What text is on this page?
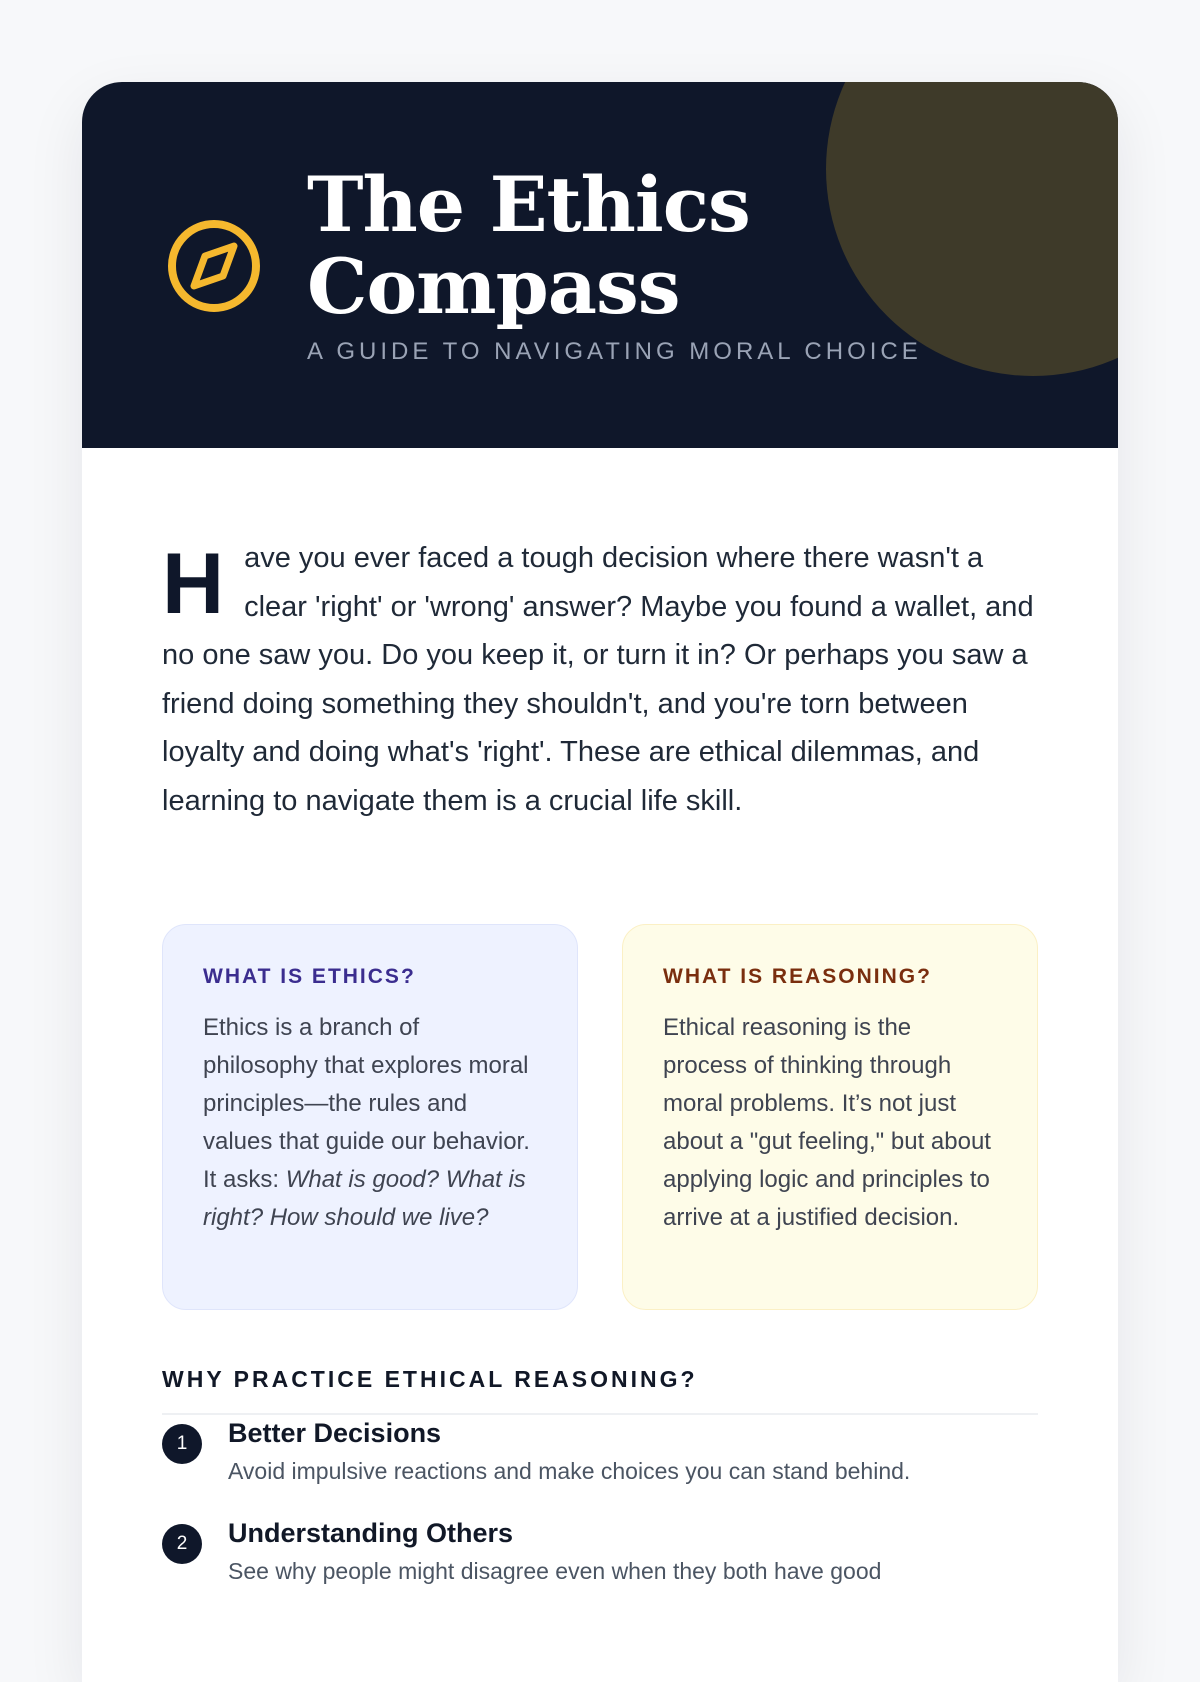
The Ethics Compass

A GUIDE TO NAVIGATING MORAL CHOICE

H ave you ever faced a tough decision where there wasn't a clear 'right' or 'wrong' answer? Maybe you found a wallet, and no one saw you. Do you keep it, or turn it in? Or perhaps you saw a friend doing something they shouldn't, and you're torn between loyalty and doing what's 'right'. These are ethical dilemmas, and learning to navigate them is a crucial life skill.
WHAT IS ETHICS?

Ethics is a branch of philosophy that explores moral principles—the rules and values that guide our behavior. It asks: What is good? What is right? How should we live?

WHAT IS REASONING?

Ethical reasoning is the process of thinking through moral problems. It’s not just about a "gut feeling," but about applying logic and principles to arrive at a justified decision.

WHY PRACTICE ETHICAL REASONING?
1	Better Decisions
Avoid impulsive reactions and make choices you can stand behind.
2	Understanding Others
See why people might disagree even when they both have good
